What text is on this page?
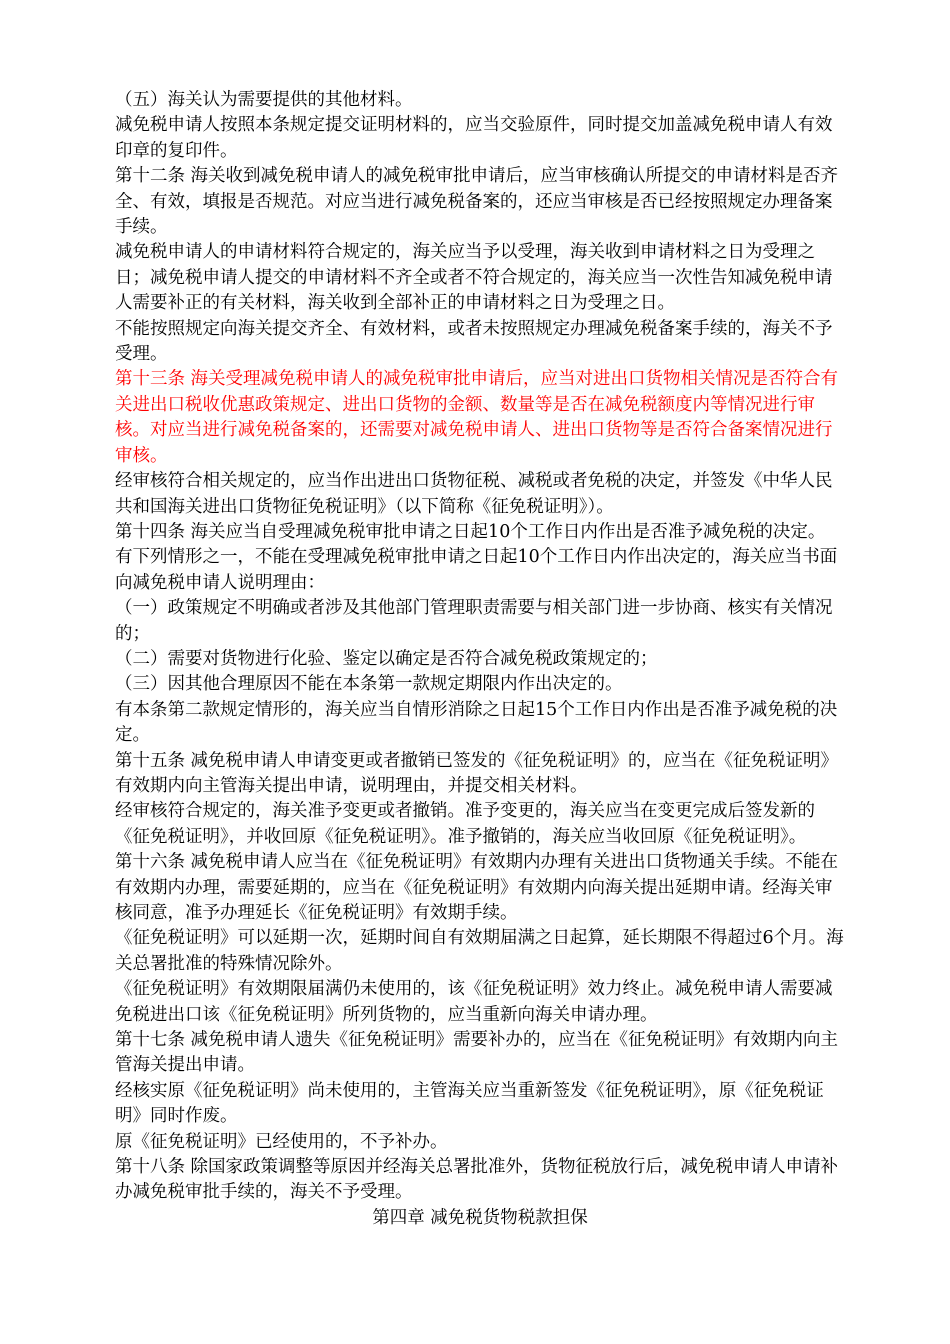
（五）海关认为需要提供的其他材料。

减免税申请人按照本条规定提交证明材料的，应当交验原件，同时提交加盖减免税申请人有效印章的复印件。

第十二条 海关收到减免税申请人的减免税审批申请后，应当审核确认所提交的申请材料是否齐全、有效，填报是否规范。对应当进行减免税备案的，还应当审核是否已经按照规定办理备案手续。

减免税申请人的申请材料符合规定的，海关应当予以受理，海关收到申请材料之日为受理之日；减免税申请人提交的申请材料不齐全或者不符合规定的，海关应当一次性告知减免税申请人需要补正的有关材料，海关收到全部补正的申请材料之日为受理之日。

不能按照规定向海关提交齐全、有效材料，或者未按照规定办理减免税备案手续的，海关不予受理。

第十三条 海关受理减免税申请人的减免税审批申请后，应当对进出口货物相关情况是否符合有关进出口税收优惠政策规定、进出口货物的金额、数量等是否在减免税额度内等情况进行审核。对应当进行减免税备案的，还需要对减免税申请人、进出口货物等是否符合备案情况进行审核。

经审核符合相关规定的，应当作出进出口货物征税、减税或者免税的决定，并签发《中华人民共和国海关进出口货物征免税证明》（以下简称《征免税证明》）。

第十四条 海关应当自受理减免税审批申请之日起10个工作日内作出是否准予减免税的决定。

有下列情形之一，不能在受理减免税审批申请之日起10个工作日内作出决定的，海关应当书面向减免税申请人说明理由：

（一）政策规定不明确或者涉及其他部门管理职责需要与相关部门进一步协商、核实有关情况的；

（二）需要对货物进行化验、鉴定以确定是否符合减免税政策规定的；

（三）因其他合理原因不能在本条第一款规定期限内作出决定的。

有本条第二款规定情形的，海关应当自情形消除之日起15个工作日内作出是否准予减免税的决定。

第十五条 减免税申请人申请变更或者撤销已签发的《征免税证明》的，应当在《征免税证明》有效期内向主管海关提出申请，说明理由，并提交相关材料。

经审核符合规定的，海关准予变更或者撤销。准予变更的，海关应当在变更完成后签发新的《征免税证明》，并收回原《征免税证明》。准予撤销的，海关应当收回原《征免税证明》。

第十六条 减免税申请人应当在《征免税证明》有效期内办理有关进出口货物通关手续。不能在有效期内办理，需要延期的，应当在《征免税证明》有效期内向海关提出延期申请。经海关审核同意，准予办理延长《征免税证明》有效期手续。

《征免税证明》可以延期一次，延期时间自有效期届满之日起算，延长期限不得超过6个月。海关总署批准的特殊情况除外。

《征免税证明》有效期限届满仍未使用的，该《征免税证明》效力终止。减免税申请人需要减免税进出口该《征免税证明》所列货物的，应当重新向海关申请办理。

第十七条 减免税申请人遗失《征免税证明》需要补办的，应当在《征免税证明》有效期内向主管海关提出申请。

经核实原《征免税证明》尚未使用的，主管海关应当重新签发《征免税证明》，原《征免税证明》同时作废。

原《征免税证明》已经使用的，不予补办。

第十八条 除国家政策调整等原因并经海关总署批准外，货物征税放行后，减免税申请人申请补办减免税审批手续的，海关不予受理。

第四章 减免税货物税款担保
